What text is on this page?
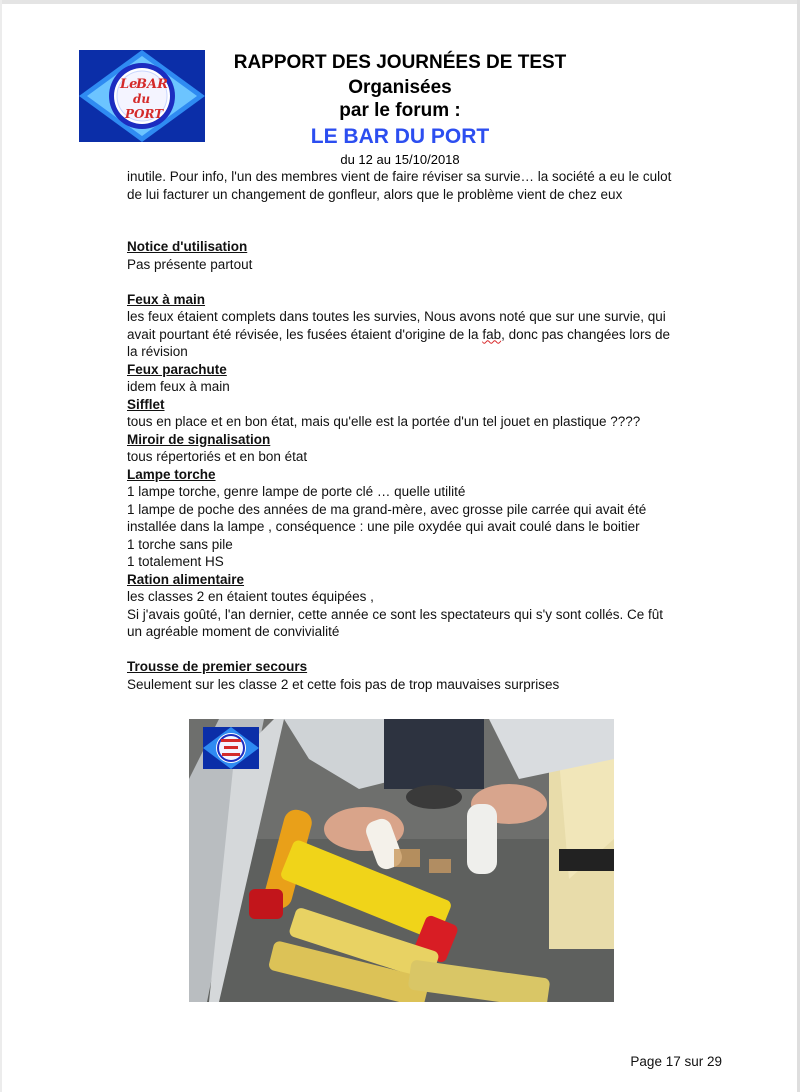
Le
BAR
du
PORT

RAPPORT DES JOURNÉES DE TEST

Organisées

par le forum :

LE BAR DU PORT

du 12 au 15/10/2018

inutile. Pour info, l'un des membres vient de faire réviser sa survie… la société a eu le culot

de lui facturer un changement de gonfleur, alors que le problème vient de chez eux

Notice d'utilisation

Pas présente partout

Feux à main

les feux étaient complets dans toutes les survies, Nous avons noté que sur une survie, qui

avait pourtant été révisée, les fusées étaient d'origine de la fab, donc pas changées lors de

la révision

Feux parachute

idem feux à main

Sifflet

tous en place et en bon état, mais qu'elle est la portée d'un tel jouet en plastique ????

Miroir de signalisation

tous répertoriés et en bon état

Lampe torche

1 lampe torche, genre lampe de porte clé … quelle utilité

1 lampe de poche des années de ma grand-mère, avec grosse pile carrée qui avait été

installée dans la lampe , conséquence : une pile oxydée qui avait coulé dans le boitier

1 torche sans pile

1 totalement HS

Ration alimentaire

les classes 2 en étaient toutes équipées ,

Si j'avais goûté, l'an dernier, cette année ce sont les spectateurs qui s'y sont collés. Ce fût

un agréable moment de convivialité

Trousse de premier secours

Seulement sur les classe 2 et cette fois pas de trop mauvaises surprises

Page 17 sur 29
